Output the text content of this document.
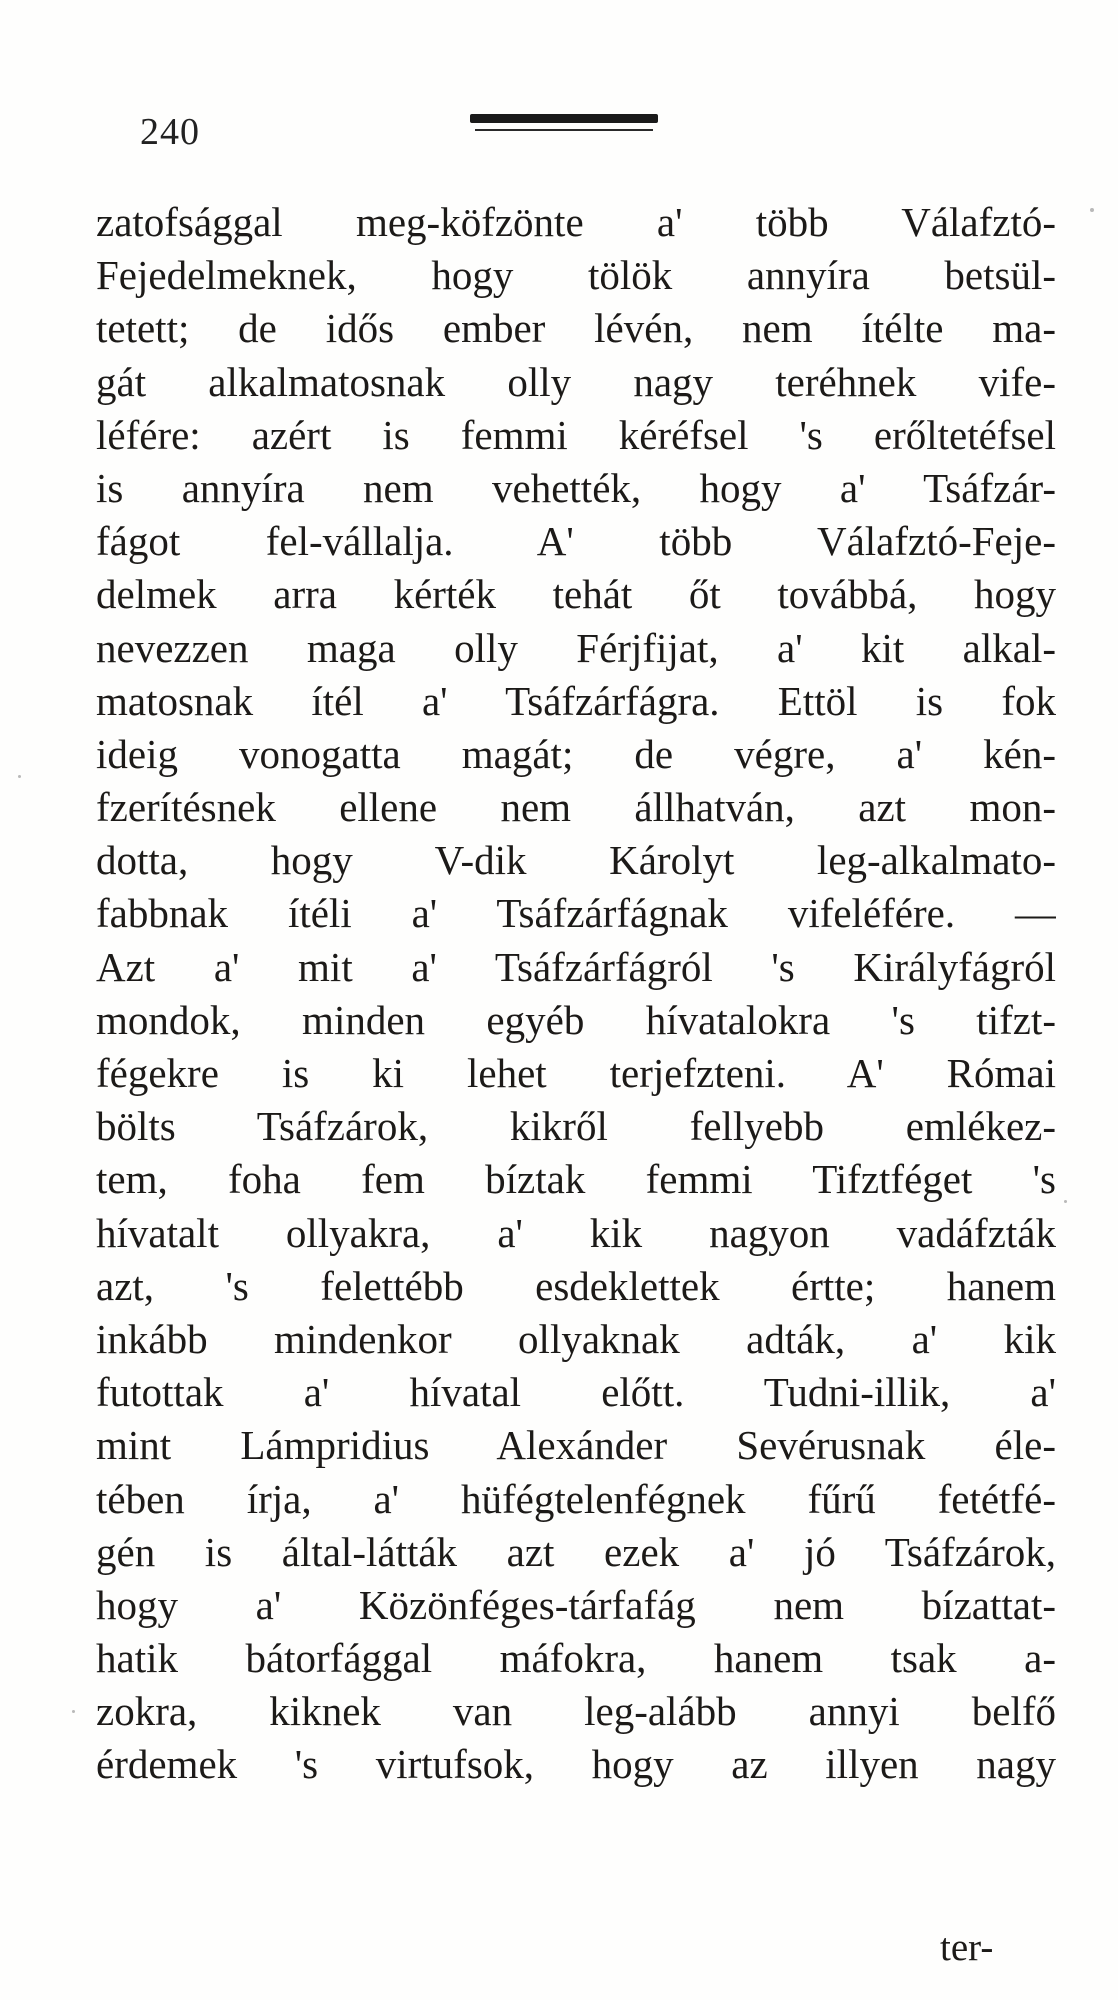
240
zatofsággal meg-köfzönte a' több Válafztó-
Fejedelmeknek, hogy tölök annyíra betsül-
tetett; de idős ember lévén, nem ítélte ma-
gát alkalmatosnak olly nagy teréhnek vife-
léfére: azért is femmi kéréfsel 's erőltetéfsel
is annyíra nem vehették, hogy a' Tsáfzár-
fágot fel-vállalja. A' több Válafztó-Feje-
delmek arra kérték tehát őt továbbá, hogy
nevezzen maga olly Férjfijat, a' kit alkal-
matosnak ítél a' Tsáfzárfágra. Ettöl is fok
ideig vonogatta magát; de végre, a' kén-
fzerítésnek ellene nem állhatván, azt mon-
dotta, hogy V-dik Károlyt leg-alkalmato-
fabbnak ítéli a' Tsáfzárfágnak vifeléfére. —
Azt a' mit a' Tsáfzárfágról 's Királyfágról
mondok, minden egyéb hívatalokra 's tifzt-
fégekre is ki lehet terjefzteni. A' Római
bölts Tsáfzárok, kikről fellyebb emlékez-
tem, foha fem bíztak femmi Tifztféget 's
hívatalt ollyakra, a' kik nagyon vadáfzták
azt, 's felettébb esdeklettek értte; hanem
inkább mindenkor ollyaknak adták, a' kik
futottak a' hívatal előtt. Tudni-illik, a'
mint Lámpridius Alexánder Sevérusnak éle-
tében írja, a' hüfégtelenfégnek fűrű fetétfé-
gén is által-látták azt ezek a' jó Tsáfzárok,
hogy a' Közönféges-tárfafág nem bízattat-
hatik bátorfággal máfokra, hanem tsak a-
zokra, kiknek van leg-alább annyi belfő
érdemek 's virtufsok, hogy az illyen nagy
ter-
